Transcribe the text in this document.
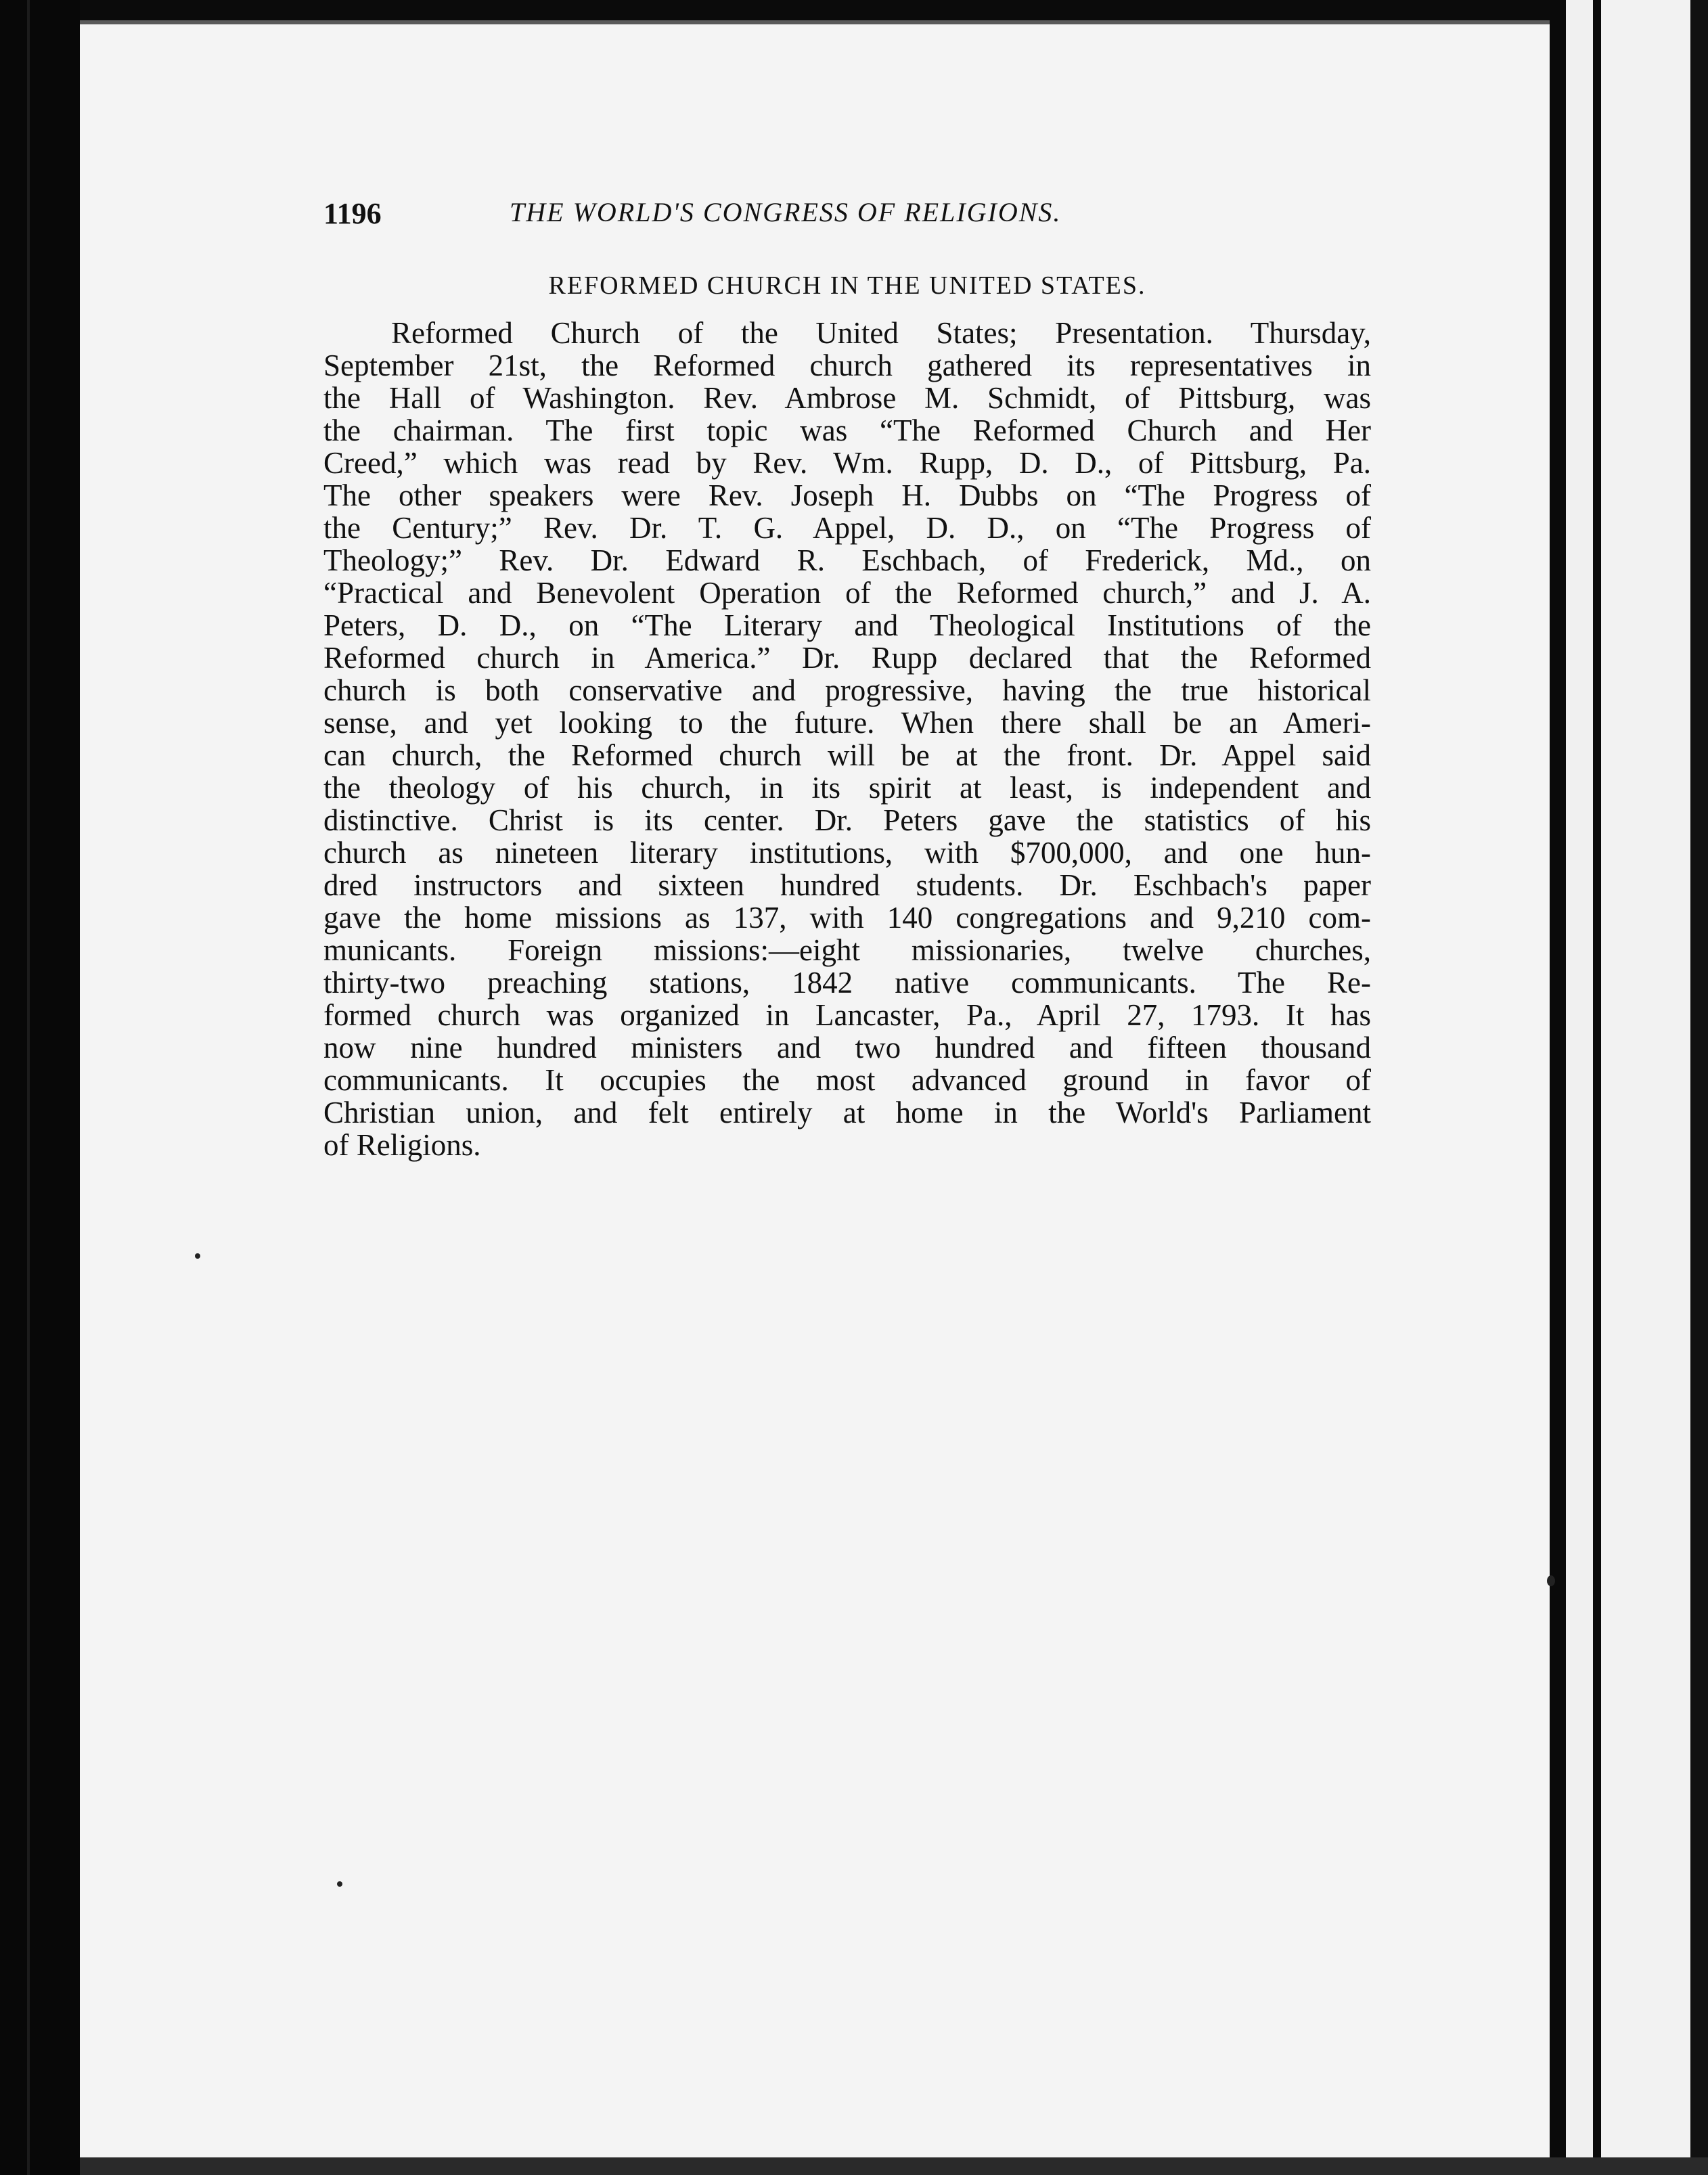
1196	THE WORLD'S CONGRESS OF RELIGIONS.
REFORMED CHURCH IN THE UNITED STATES.
Reformed Church of the United States; Presentation. Thursday,
September 21st, the Reformed church gathered its representatives in
the Hall of Washington. Rev. Ambrose M. Schmidt, of Pittsburg, was
the chairman. The first topic was “The Reformed Church and Her
Creed,” which was read by Rev. Wm. Rupp, D. D., of Pittsburg, Pa.
The other speakers were Rev. Joseph H. Dubbs on “The Progress of
the Century;” Rev. Dr. T. G. Appel, D. D., on “The Progress of
Theology;” Rev. Dr. Edward R. Eschbach, of Frederick, Md., on
“Practical and Benevolent Operation of the Reformed church,” and J. A.
Peters, D. D., on “The Literary and Theological Institutions of the
Reformed church in America.” Dr. Rupp declared that the Reformed
church is both conservative and progressive, having the true historical
sense, and yet looking to the future. When there shall be an Ameri-
can church, the Reformed church will be at the front. Dr. Appel said
the theology of his church, in its spirit at least, is independent and
distinctive. Christ is its center. Dr. Peters gave the statistics of his
church as nineteen literary institutions, with $700,000, and one hun-
dred instructors and sixteen hundred students. Dr. Eschbach's paper
gave the home missions as 137, with 140 congregations and 9,210 com-
municants. Foreign missions:—eight missionaries, twelve churches,
thirty-two preaching stations, 1842 native communicants. The Re-
formed church was organized in Lancaster, Pa., April 27, 1793. It has
now nine hundred ministers and two hundred and fifteen thousand
communicants. It occupies the most advanced ground in favor of
Christian union, and felt entirely at home in the World's Parliament
of Religions.
